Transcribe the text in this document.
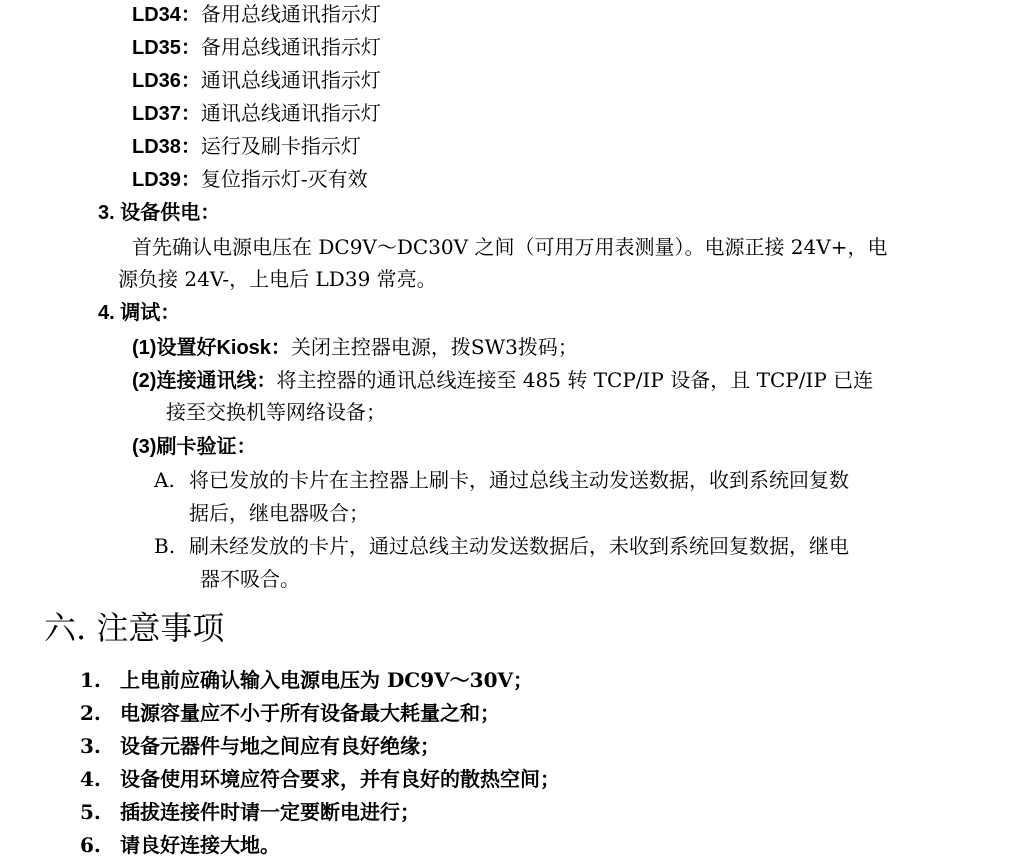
LD34：备用总线通讯指示灯
LD35：备用总线通讯指示灯
LD36：通讯总线通讯指示灯
LD37：通讯总线通讯指示灯
LD38：运行及刷卡指示灯
LD39：复位指示灯-灭有效
3. 设备供电：
首先确认电源电压在 DC9V～DC30V 之间（可用万用表测量）。电源正接 24V+，电
源负接 24V-，上电后 LD39 常亮。
4. 调试：
(1)设置好Kiosk：关闭主控器电源，拨SW3拨码；
(2)连接通讯线：将主控器的通讯总线连接至 485 转 TCP/IP 设备，且 TCP/IP 已连
接至交换机等网络设备；
(3)刷卡验证：
A. 将已发放的卡片在主控器上刷卡，通过总线主动发送数据，收到系统回复数
据后，继电器吸合；
B. 刷未经发放的卡片，通过总线主动发送数据后，未收到系统回复数据，继电
器不吸合。
六. 注意事项
1. 上电前应确认输入电源电压为 DC9V～30V；
2. 电源容量应不小于所有设备最大耗量之和；
3. 设备元器件与地之间应有良好绝缘；
4. 设备使用环境应符合要求，并有良好的散热空间；
5. 插拔连接件时请一定要断电进行；
6. 请良好连接大地。
